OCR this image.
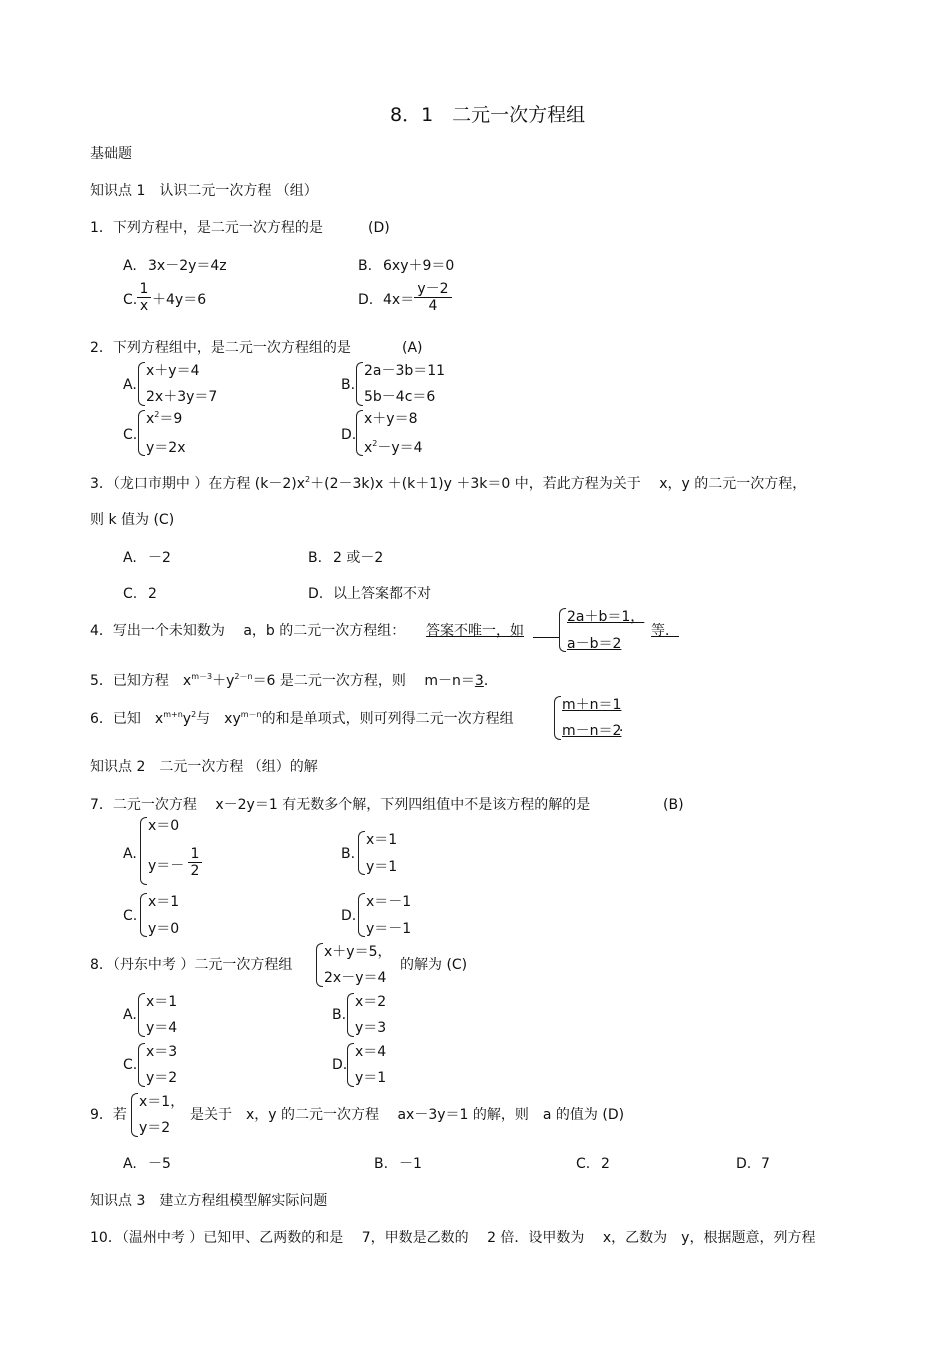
8．1　二元一次方程组
基础题
知识点 1　认识二元一次方程 （组）
1．下列方程中，是二元一次方程的是	(D)
A. 3x－2y＝4z	B. 6xy＋9＝0
C. $\frac{1}{x} +4y=6$	D. $4x= \frac{y-2}{4}$
2．下列方程组中，是二元一次方程组的是	(A)
A.
x＋y＝4
2x＋3y＝7
B.
2a－3b＝11
5b－4c＝6
C.
$x^2=9$
y＝2x
D.
x＋y＝8
$x^2-y=4$
3．（龙口市期中 ）在方程 $(k-2)x^2+(2-3k)x +(k+1)y +3k=0$ 中，若此方程为关于　 x，y 的二元一次方程，
则 k 值为 (C)
A. －2	B. 2 或－2
C. 2	D. 以上答案都不对
4．写出一个未知数为　 a，b 的二元一次方程组： 答案不唯一，如
2a＋b＝1，
a－b＝2
等．
5．已知方程　$x^{m-3}+y^{2-n}=6$ 是二元一次方程，则　 m－n＝3．
6．已知　$x^{m+n}y^2$与　$xy^{m-n}$的和是单项式，则可列得二元一次方程组
m＋n＝1
m－n＝2
．
知识点 2　二元一次方程 （组）的解
7．二元一次方程　 x－2y＝1 有无数多个解，下列四组值中不是该方程的解的是	(B)
A.
x＝0
$y=- \frac{1}{2}$	B.
x＝1
y＝1
C.
x＝1
y＝0
D.
x＝－1
y＝－1
8．（丹东中考 ）二元一次方程组
x＋y＝5，
2x－y＝4
的解为 (C)
A.
x＝1
y＝4
B.
x＝2
y＝3
C.
x＝3
y＝2
D.
x＝4
y＝1
9．若
x＝1，
y＝2
是关于　x，y 的二元一次方程　 ax－3y＝1 的解，则　a 的值为 (D)
A. －5	B. －1	C. 2	D. 7
知识点 3　建立方程组模型解实际问题
10．（温州中考 ）已知甲、乙两数的和是　 7，甲数是乙数的　 2 倍．设甲数为　 x，乙数为　y，根据题意，列方程
